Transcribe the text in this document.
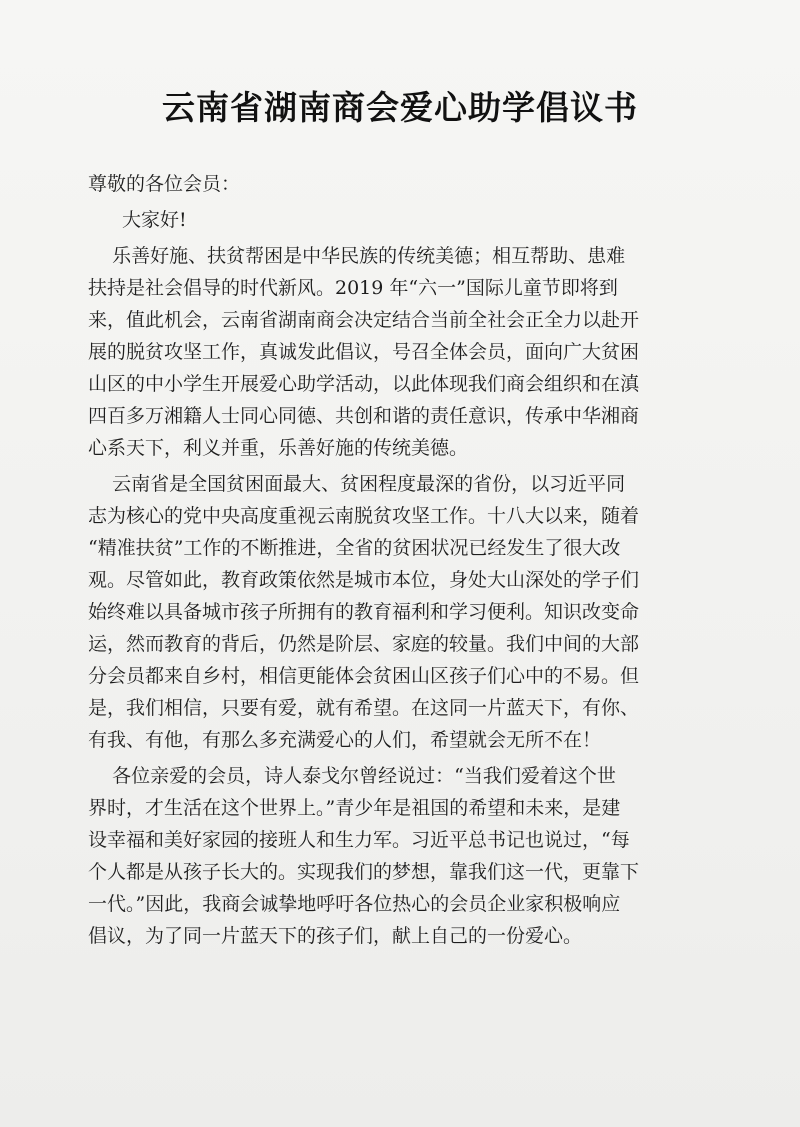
云南省湖南商会爱心助学倡议书
尊敬的各位会员：
大家好!
乐善好施、扶贫帮困是中华民族的传统美德；相互帮助、患难
扶持是社会倡导的时代新风。2019 年“六一”国际儿童节即将到
来，值此机会，云南省湖南商会决定结合当前全社会正全力以赴开
展的脱贫攻坚工作，真诚发此倡议，号召全体会员，面向广大贫困
山区的中小学生开展爱心助学活动，以此体现我们商会组织和在滇
四百多万湘籍人士同心同德、共创和谐的责任意识，传承中华湘商
心系天下，利义并重，乐善好施的传统美德。
云南省是全国贫困面最大、贫困程度最深的省份，以习近平同
志为核心的党中央高度重视云南脱贫攻坚工作。十八大以来，随着
“精准扶贫”工作的不断推进，全省的贫困状况已经发生了很大改
观。尽管如此，教育政策依然是城市本位，身处大山深处的学子们
始终难以具备城市孩子所拥有的教育福利和学习便利。知识改变命
运，然而教育的背后，仍然是阶层、家庭的较量。我们中间的大部
分会员都来自乡村，相信更能体会贫困山区孩子们心中的不易。但
是，我们相信，只要有爱，就有希望。在这同一片蓝天下，有你、
有我、有他，有那么多充满爱心的人们，希望就会无所不在！
各位亲爱的会员，诗人泰戈尔曾经说过：“当我们爱着这个世
界时，才生活在这个世界上。”青少年是祖国的希望和未来，是建
设幸福和美好家园的接班人和生力军。习近平总书记也说过，“每
个人都是从孩子长大的。实现我们的梦想，靠我们这一代，更靠下
一代。”因此，我商会诚挚地呼吁各位热心的会员企业家积极响应
倡议，为了同一片蓝天下的孩子们，献上自己的一份爱心。
